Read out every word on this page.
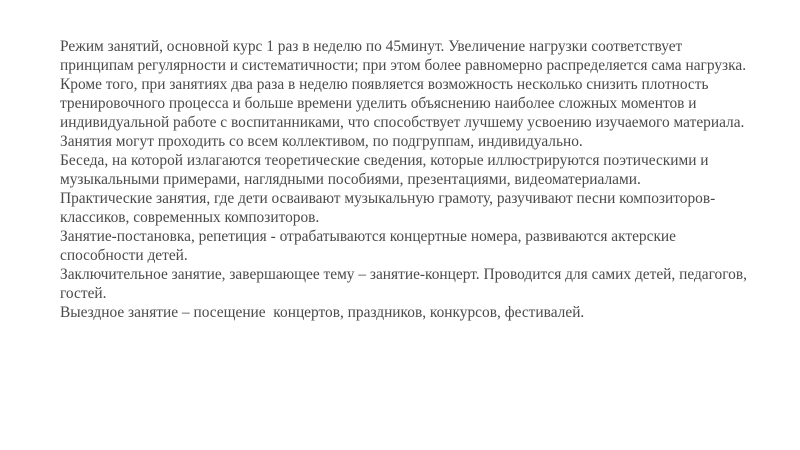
Режим занятий, основной курс 1 раз в неделю по 45минут. Увеличение нагрузки соответствует принципам регулярности и систематичности; при этом более равномерно распределяется сама нагрузка. Кроме того, при занятиях два раза в неделю появляется возможность несколько снизить плотность тренировочного процесса и больше времени уделить объяснению наиболее сложных моментов и индивидуальной работе с воспитанниками, что способствует лучшему усвоению изучаемого материала. Занятия могут проходить со всем коллективом, по подгруппам, индивидуально.

Беседа, на которой излагаются теоретические сведения, которые иллюстрируются поэтическими и музыкальными примерами, наглядными пособиями, презентациями, видеоматериалами.

Практические занятия, где дети осваивают музыкальную грамоту, разучивают песни композиторов-классиков, современных композиторов.

Занятие-постановка, репетиция - отрабатываются концертные номера, развиваются актерские способности детей.

Заключительное занятие, завершающее тему – занятие-концерт. Проводится для самих детей, педагогов, гостей.

Выездное занятие – посещение  концертов, праздников, конкурсов, фестивалей.
